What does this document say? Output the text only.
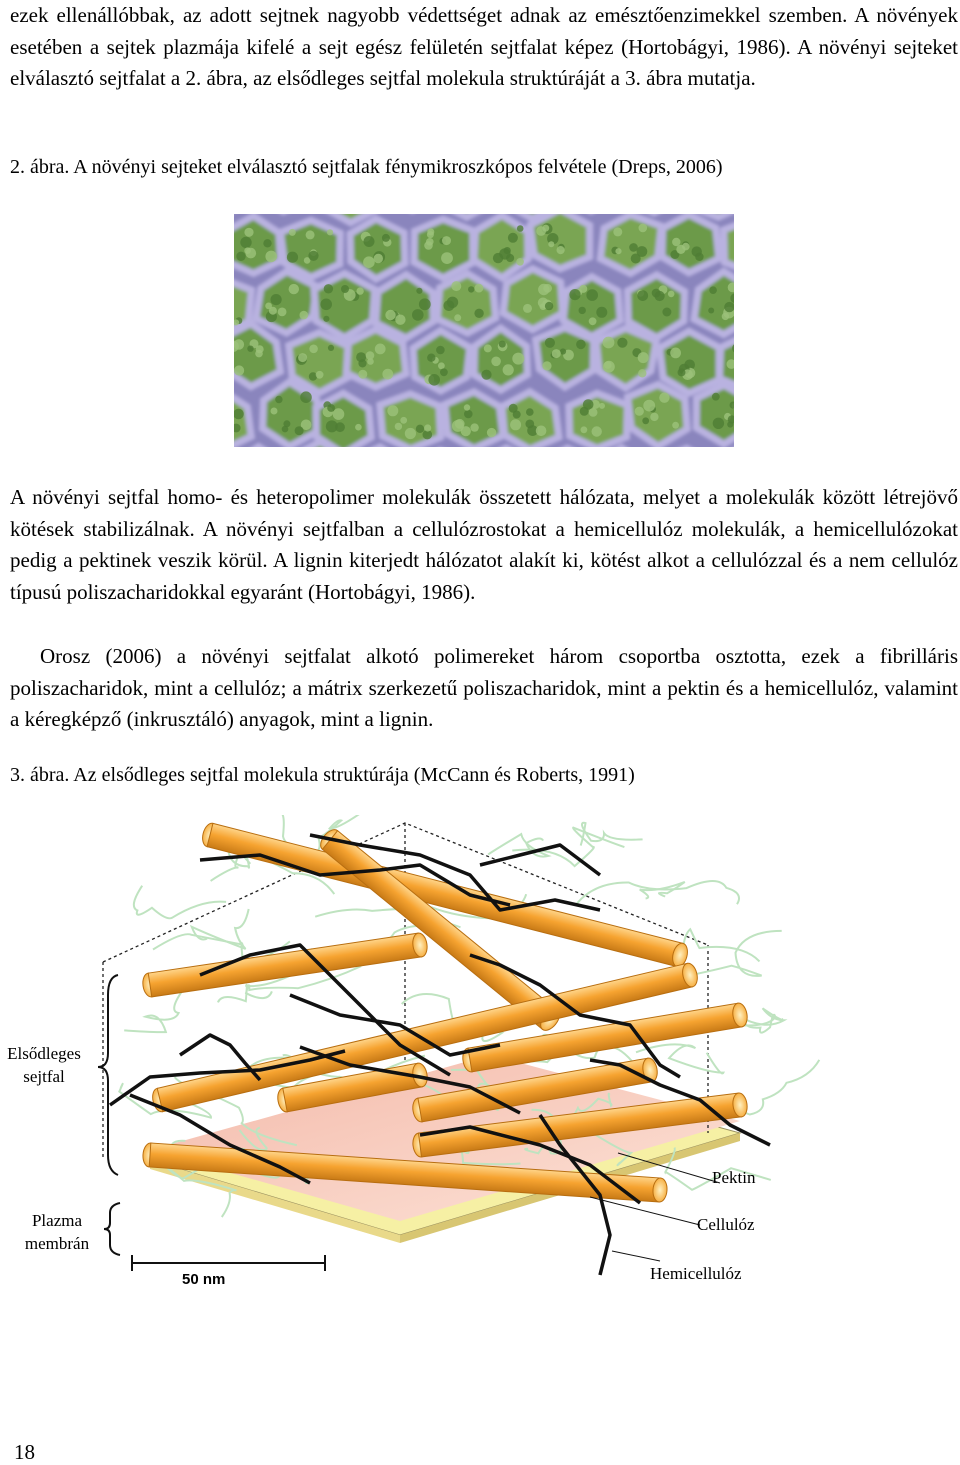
ezek ellenállóbbak, az adott sejtnek nagyobb védettséget adnak az emésztőenzimekkel szemben. A növények esetében a sejtek plazmája kifelé a sejt egész felületén sejtfalat képez (Hortobágyi, 1986). A növényi sejteket elválasztó sejtfalat a 2. ábra, az elsődleges sejtfal molekula struktúráját a 3. ábra mutatja.

2. ábra. A növényi sejteket elválasztó sejtfalak fénymikroszkópos felvétele (Dreps, 2006)

A növényi sejtfal homo- és heteropolimer molekulák összetett hálózata, melyet a molekulák között létrejövő kötések stabilizálnak. A növényi sejtfalban a cellulózrostokat a hemicellulóz molekulák, a hemicellulózokat pedig a pektinek veszik körül. A lignin kiterjedt hálózatot alakít ki, kötést alkot a cellulózzal és a nem cellulóz típusú poliszacharidokkal egyaránt (Hortobágyi, 1986).

Orosz (2006) a növényi sejtfalat alkotó polimereket három csoportba osztotta, ezek a fibrilláris poliszacharidok, mint a cellulóz; a mátrix szerkezetű poliszacharidok, mint a pektin és a hemicellulóz, valamint a kéregképző (inkrusztáló) anyagok, mint a lignin.

3. ábra. Az elsődleges sejtfal molekula struktúrája (McCann és Roberts, 1991)

Elsődleges
sejtfal
Plazma
membrán
Pektin
Cellulóz
Hemicellulóz
50 nm
18
